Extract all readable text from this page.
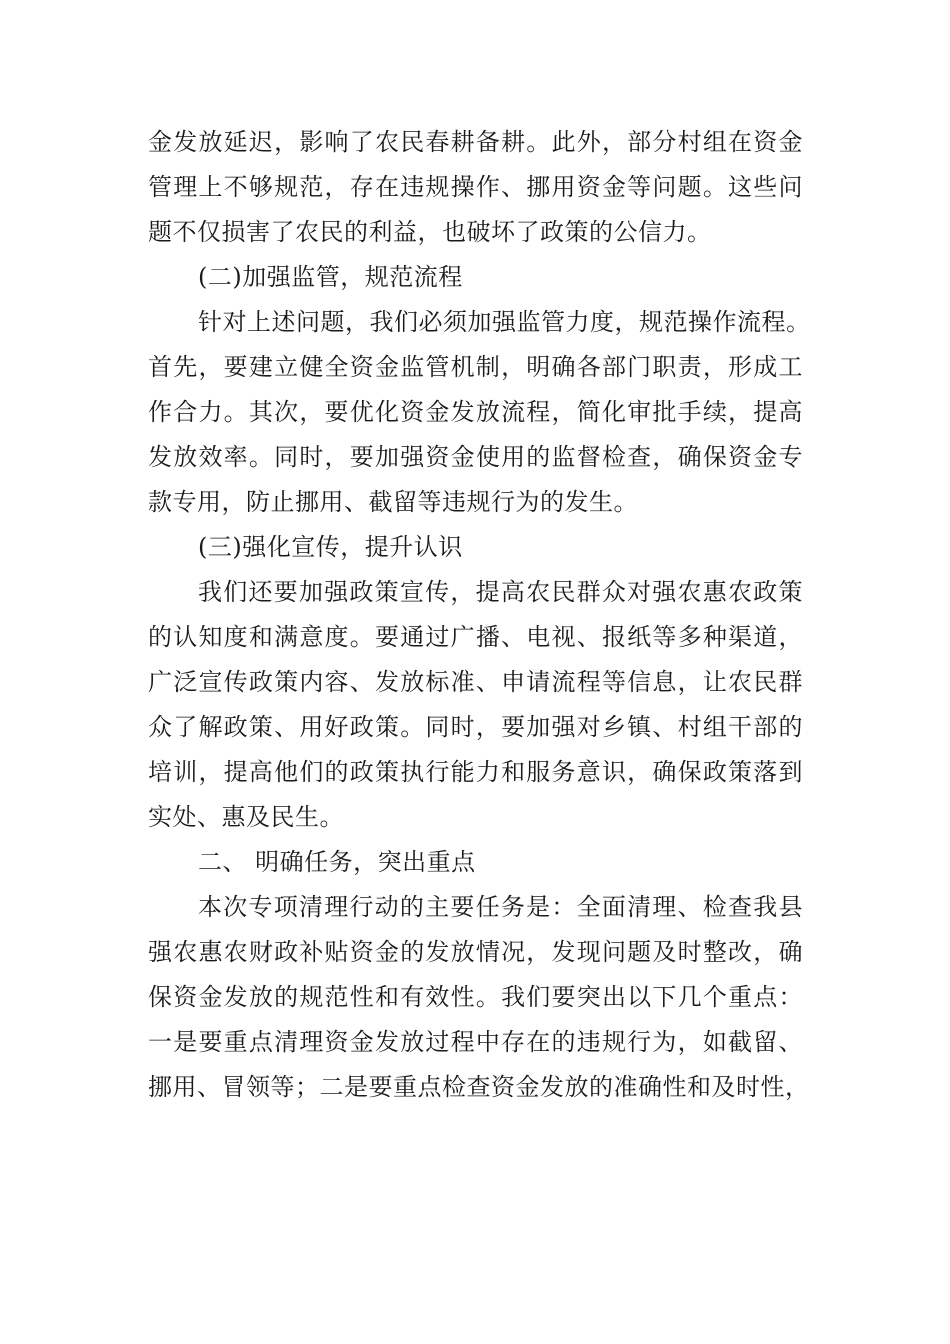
金发放延迟，影响了农民春耕备耕。此外，部分村组在资金
管理上不够规范，存在违规操作、挪用资金等问题。这些问
题不仅损害了农民的利益，也破坏了政策的公信力。
(二)加强监管，规范流程
针对上述问题，我们必须加强监管力度，规范操作流程。
首先，要建立健全资金监管机制，明确各部门职责，形成工
作合力。其次，要优化资金发放流程，简化审批手续，提高
发放效率。同时，要加强资金使用的监督检查，确保资金专
款专用，防止挪用、截留等违规行为的发生。
(三)强化宣传，提升认识
我们还要加强政策宣传，提高农民群众对强农惠农政策
的认知度和满意度。要通过广播、电视、报纸等多种渠道，
广泛宣传政策内容、发放标准、申请流程等信息，让农民群
众了解政策、用好政策。同时，要加强对乡镇、村组干部的
培训，提高他们的政策执行能力和服务意识，确保政策落到
实处、惠及民生。
二、 明确任务，突出重点
本次专项清理行动的主要任务是：全面清理、检查我县
强农惠农财政补贴资金的发放情况，发现问题及时整改，确
保资金发放的规范性和有效性。我们要突出以下几个重点：
一是要重点清理资金发放过程中存在的违规行为，如截留、
挪用、冒领等；二是要重点检查资金发放的准确性和及时性，
